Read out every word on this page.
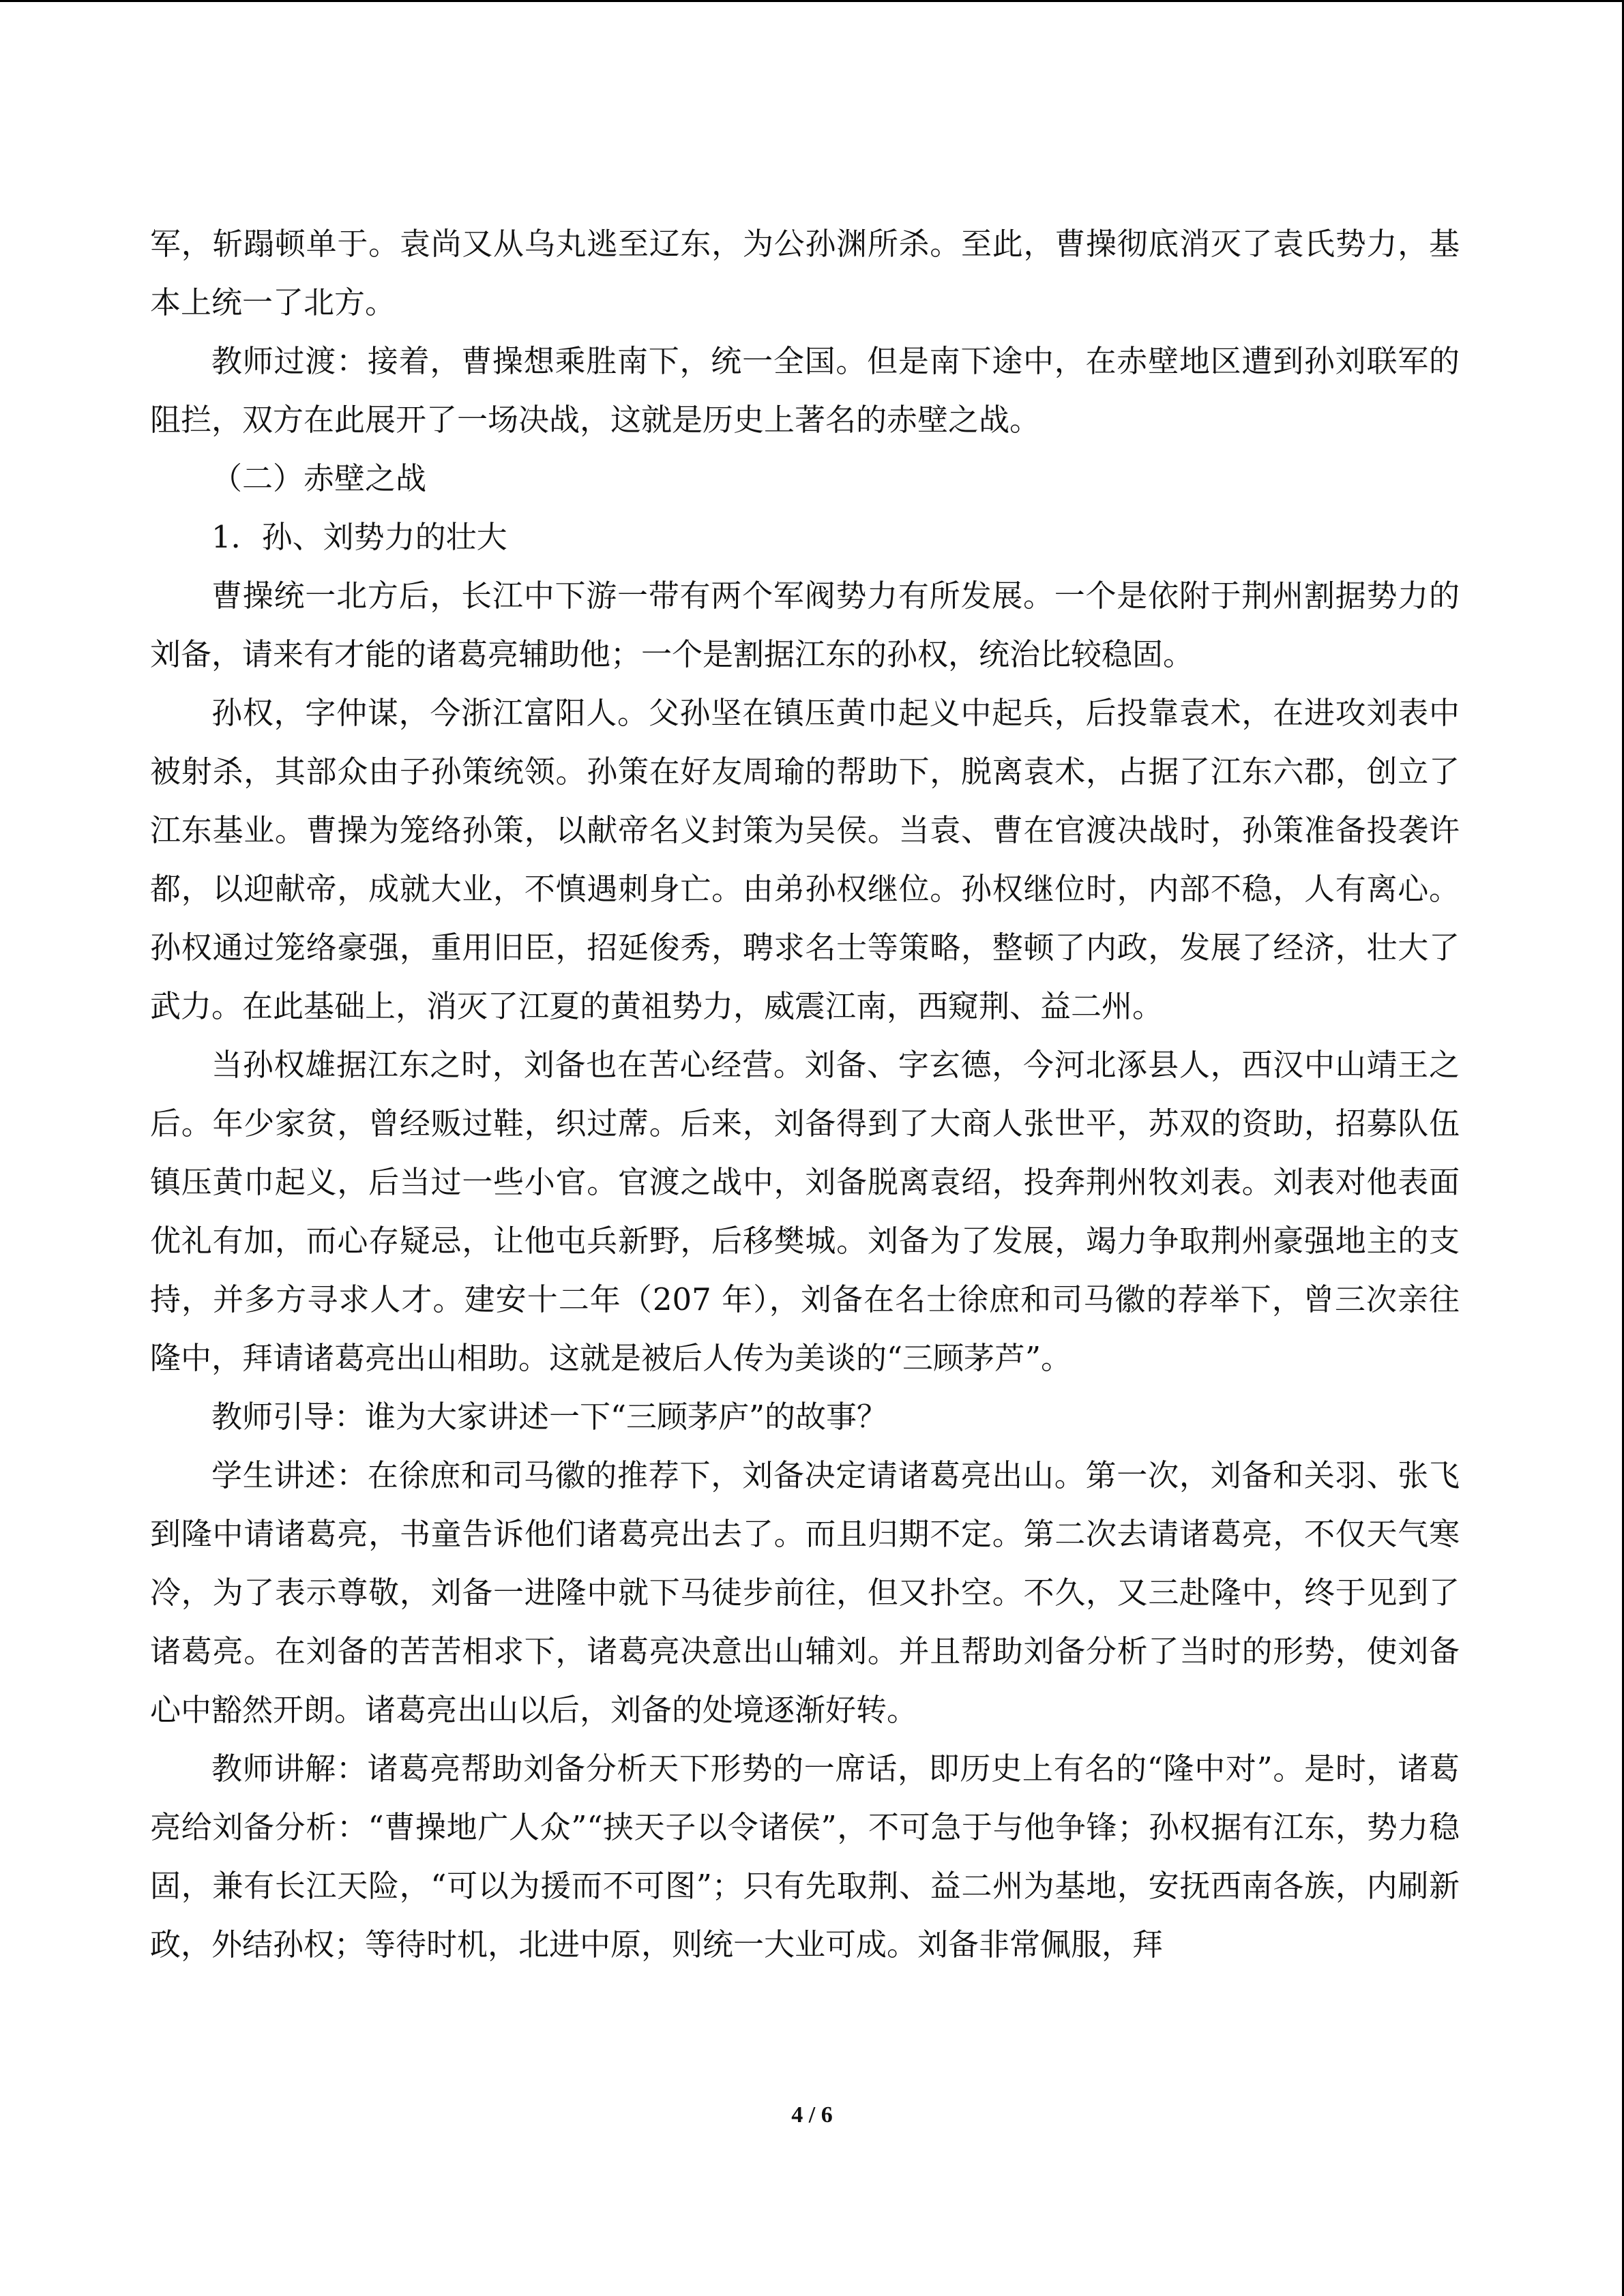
军，斩蹋顿单于。袁尚又从乌丸逃至辽东，为公孙渊所杀。至此，曹操彻底消灭了袁氏势力，基本上统一了北方。

教师过渡：接着，曹操想乘胜南下，统一全国。但是南下途中，在赤壁地区遭到孙刘联军的阻拦，双方在此展开了一场决战，这就是历史上著名的赤壁之战。

（二）赤壁之战

1．孙、刘势力的壮大

曹操统一北方后，长江中下游一带有两个军阀势力有所发展。一个是依附于荆州割据势力的刘备，请来有才能的诸葛亮辅助他；一个是割据江东的孙权，统治比较稳固。

孙权，字仲谋，今浙江富阳人。父孙坚在镇压黄巾起义中起兵，后投靠袁术，在进攻刘表中被射杀，其部众由子孙策统领。孙策在好友周瑜的帮助下，脱离袁术，占据了江东六郡，创立了江东基业。曹操为笼络孙策，以献帝名义封策为吴侯。当袁、曹在官渡决战时，孙策准备投袭许都，以迎献帝，成就大业，不慎遇刺身亡。由弟孙权继位。孙权继位时，内部不稳，人有离心。孙权通过笼络豪强，重用旧臣，招延俊秀，聘求名士等策略，整顿了内政，发展了经济，壮大了武力。在此基础上，消灭了江夏的黄祖势力，威震江南，西窥荆、益二州。

当孙权雄据江东之时，刘备也在苦心经营。刘备、字玄德，今河北涿县人，西汉中山靖王之后。年少家贫，曾经贩过鞋，织过蓆。后来，刘备得到了大商人张世平，苏双的资助，招募队伍镇压黄巾起义，后当过一些小官。官渡之战中，刘备脱离袁绍，投奔荆州牧刘表。刘表对他表面优礼有加，而心存疑忌，让他屯兵新野，后移樊城。刘备为了发展，竭力争取荆州豪强地主的支持，并多方寻求人才。建安十二年（207 年），刘备在名士徐庶和司马徽的荐举下，曾三次亲往隆中，拜请诸葛亮出山相助。这就是被后人传为美谈的“三顾茅芦”。

教师引导：谁为大家讲述一下“三顾茅庐”的故事？

学生讲述：在徐庶和司马徽的推荐下，刘备决定请诸葛亮出山。第一次，刘备和关羽、张飞到隆中请诸葛亮，书童告诉他们诸葛亮出去了。而且归期不定。第二次去请诸葛亮，不仅天气寒冷，为了表示尊敬，刘备一进隆中就下马徒步前往，但又扑空。不久，又三赴隆中，终于见到了诸葛亮。在刘备的苦苦相求下，诸葛亮决意出山辅刘。并且帮助刘备分析了当时的形势，使刘备心中豁然开朗。诸葛亮出山以后，刘备的处境逐渐好转。

教师讲解：诸葛亮帮助刘备分析天下形势的一席话，即历史上有名的“隆中对”。是时，诸葛亮给刘备分析：“曹操地广人众”“挟天子以令诸侯”，不可急于与他争锋；孙权据有江东，势力稳固，兼有长江天险，“可以为援而不可图”；只有先取荆、益二州为基地，安抚西南各族，内刷新政，外结孙权；等待时机，北进中原，则统一大业可成。刘备非常佩服，拜

4 / 6
